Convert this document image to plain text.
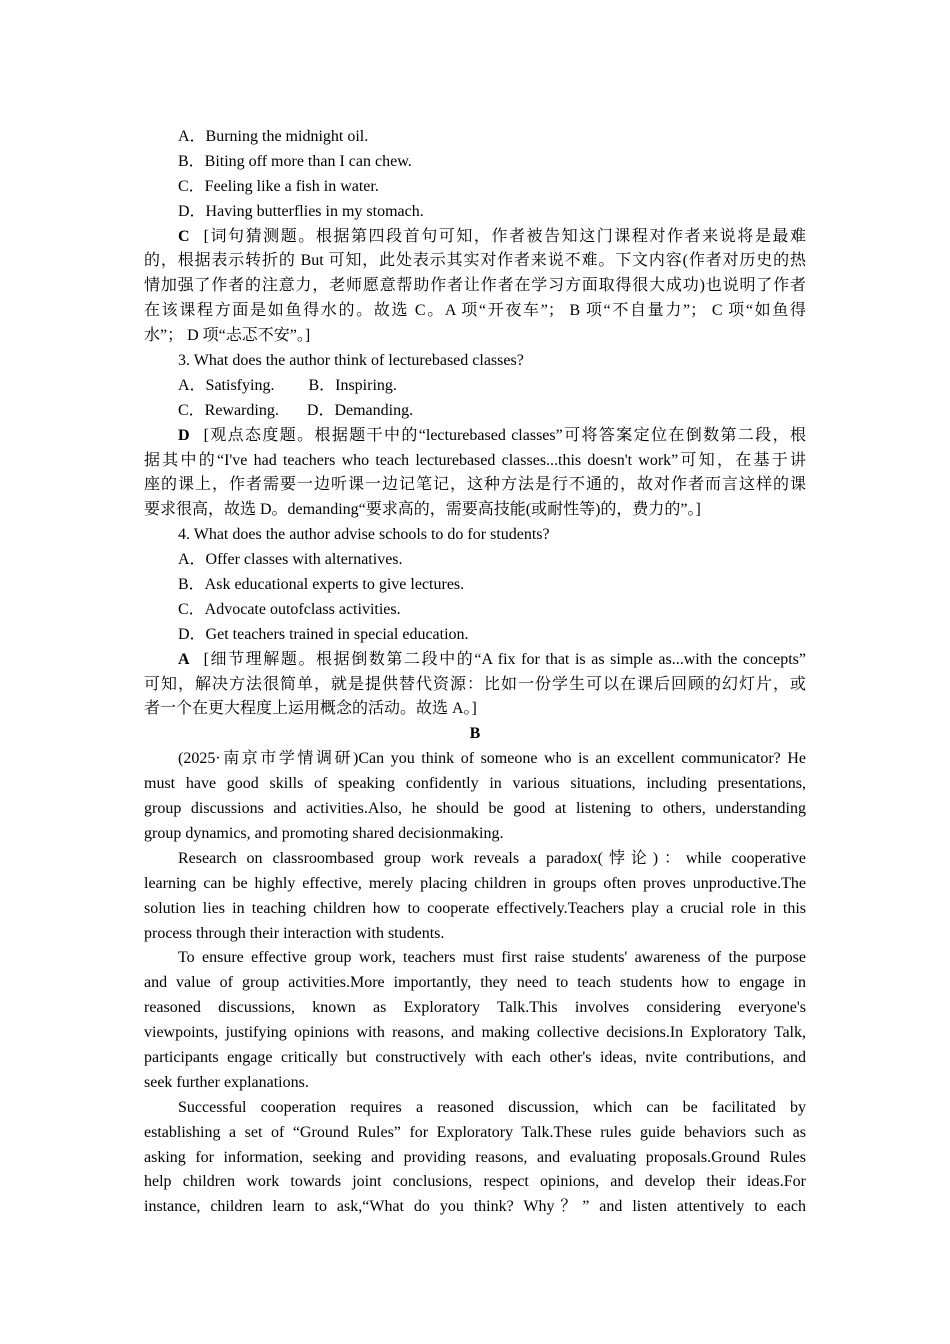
A．Burning the midnight oil.
B．Biting off more than I can chew.
C．Feeling like a fish in water.
D．Having butterflies in my stomach.
C [词句猜测题。根据第四段首句可知，作者被告知这门课程对作者来说将是最难
的，根据表示转折的 But 可知，此处表示其实对作者来说不难。下文内容(作者对历史的热
情加强了作者的注意力，老师愿意帮助作者让作者在学习方面取得很大成功)也说明了作者
在该课程方面是如鱼得水的。故选 C。A 项“开夜车”； B 项“不自量力”； C 项“如鱼得
水”； D 项“忐忑不安”。]
3. What does the author think of lecturebased classes?
A．Satisfying. B．Inspiring.
C．Rewarding. D．Demanding.
D [观点态度题。根据题干中的“lecturebased classes”可将答案定位在倒数第二段，根
据其中的“I've had teachers who teach lecturebased classes...this doesn't work”可知，在基于讲
座的课上，作者需要一边听课一边记笔记，这种方法是行不通的，故对作者而言这样的课
要求很高，故选 D。demanding“要求高的，需要高技能(或耐性等)的，费力的”。]
4. What does the author advise schools to do for students?
A．Offer classes with alternatives.
B．Ask educational experts to give lectures.
C．Advocate outofclass activities.
D．Get teachers trained in special education.
A [细节理解题。根据倒数第二段中的“A fix for that is as simple as...with the concepts”
可知，解决方法很简单，就是提供替代资源：比如一份学生可以在课后回顾的幻灯片，或
者一个在更大程度上运用概念的活动。故选 A。]
B
(2025·南京市学情调研)Can you think of someone who is an excellent communicator? He
must have good skills of speaking confidently in various situations, including presentations,
group discussions and activities.Also, he should be good at listening to others, understanding
group dynamics, and promoting shared decisionmaking.
Research on classroombased group work reveals a paradox(悖论)：while cooperative
learning can be highly effective, merely placing children in groups often proves unproductive.The
solution lies in teaching children how to cooperate effectively.Teachers play a crucial role in this
process through their interaction with students.
To ensure effective group work, teachers must first raise students' awareness of the purpose
and value of group activities.More importantly, they need to teach students how to engage in
reasoned discussions, known as Exploratory Talk.This involves considering everyone's
viewpoints, justifying opinions with reasons, and making collective decisions.In Exploratory Talk,
participants engage critically but constructively with each other's ideas, nvite contributions, and
seek further explanations.
Successful cooperation requires a reasoned discussion, which can be facilitated by
establishing a set of “Ground Rules” for Exploratory Talk.These rules guide behaviors such as
asking for information, seeking and providing reasons, and evaluating proposals.Ground Rules
help children work towards joint conclusions, respect opinions, and develop their ideas.For
instance, children learn to ask,“What do you think? Why？” and listen attentively to each
